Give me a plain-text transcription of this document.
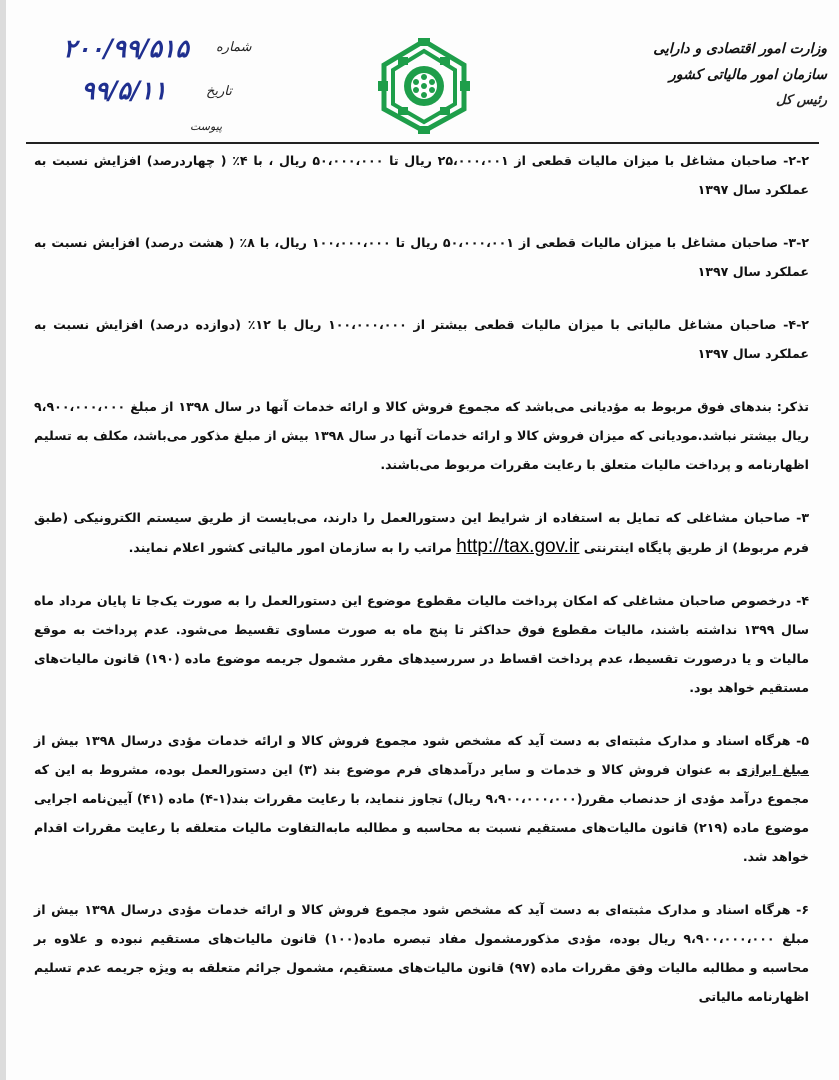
وزارت امور اقتصادی و دارایی
سازمان امور مالیاتی کشور
رئیس کل
شماره
۲۰۰/۹۹/۵۱۵
تاریخ
۹۹/۵/۱۱
پیوست

۲-۲- صاحبان مشاغل با میزان مالیات قطعی از ۲۵،۰۰۰،۰۰۱ ریال تا ۵۰،۰۰۰،۰۰۰ ریال ، با ۴٪ ( چهاردرصد) افزایش نسبت به عملکرد سال ۱۳۹۷

۳-۲- صاحبان مشاغل با میزان مالیات قطعی از ۵۰،۰۰۰،۰۰۱ ریال تا ۱۰۰،۰۰۰،۰۰۰ ریال، با ۸٪ ( هشت درصد) افزایش نسبت به عملکرد سال ۱۳۹۷

۴-۲- صاحبان مشاغل مالیاتی با میزان مالیات قطعی بیشتر از ۱۰۰،۰۰۰،۰۰۰ ریال با ۱۲٪ (دوازده درصد) افزایش نسبت به عملکرد سال ۱۳۹۷

تذکر: بندهای فوق مربوط به مؤدیانی می‌باشد که مجموع فروش کالا و ارائه خدمات آنها در سال ۱۳۹۸ از مبلغ ۹،۹۰۰،۰۰۰،۰۰۰ ریال بیشتر نباشد.مودیانی که میزان فروش کالا و ارائه خدمات آنها در سال ۱۳۹۸ بیش از مبلغ مذکور می‌باشد، مکلف به تسلیم اظهارنامه و پرداخت مالیات متعلق با رعایت مقررات مربوط می‌باشند.

۳- صاحبان مشاغلی که تمایل به استفاده از شرایط این دستورالعمل را دارند، می‌بایست از طریق سیستم الکترونیکی (طبق فرم مربوط) از طریق پایگاه اینترنتی http://tax.gov.ir مراتب را به سازمان امور مالیاتی کشور اعلام نمایند.

۴- درخصوص صاحبان مشاغلی که امکان پرداخت مالیات مقطوع موضوع این دستورالعمل را به صورت یک‌جا تا پایان مرداد ماه سال ۱۳۹۹ نداشته باشند، مالیات مقطوع فوق حداکثر تا پنج ماه به صورت مساوی تقسیط می‌شود. عدم پرداخت به موقع مالیات و یا درصورت تقسیط، عدم پرداخت اقساط در سررسیدهای مقرر مشمول جریمه موضوع ماده (۱۹۰) قانون مالیات‌های مستقیم خواهد بود.

۵- هرگاه اسناد و مدارک مثبته‌ای به دست آید که مشخص شود مجموع فروش کالا و ارائه خدمات مؤدی درسال ۱۳۹۸ بیش از مبلغ ابرازی به عنوان فروش کالا و خدمات و سایر درآمدهای فرم موضوع بند (۳) این دستورالعمل بوده، مشروط به این که مجموع درآمد مؤدی از حدنصاب مقرر(۹،۹۰۰،۰۰۰،۰۰۰ ریال) تجاوز ننماید، با رعایت مقررات بند(۱-۴) ماده (۴۱) آیین‌نامه اجرایی موضوع ماده (۲۱۹) قانون مالیات‌های مستقیم نسبت به محاسبه و مطالبه مابه‌التفاوت مالیات متعلقه با رعایت مقررات اقدام خواهد شد.

۶- هرگاه اسناد و مدارک مثبته‌ای به دست آید که مشخص شود مجموع فروش کالا و ارائه خدمات مؤدی درسال ۱۳۹۸ بیش از مبلغ ۹،۹۰۰،۰۰۰،۰۰۰ ریال بوده، مؤدی مذکورمشمول مفاد تبصره ماده(۱۰۰) قانون مالیات‌های مستقیم نبوده و علاوه بر محاسبه و مطالبه مالیات وفق مقررات ماده (۹۷) قانون مالیات‌های مستقیم، مشمول جرائم متعلقه به ویژه جریمه عدم تسلیم اظهارنامه مالیاتی
